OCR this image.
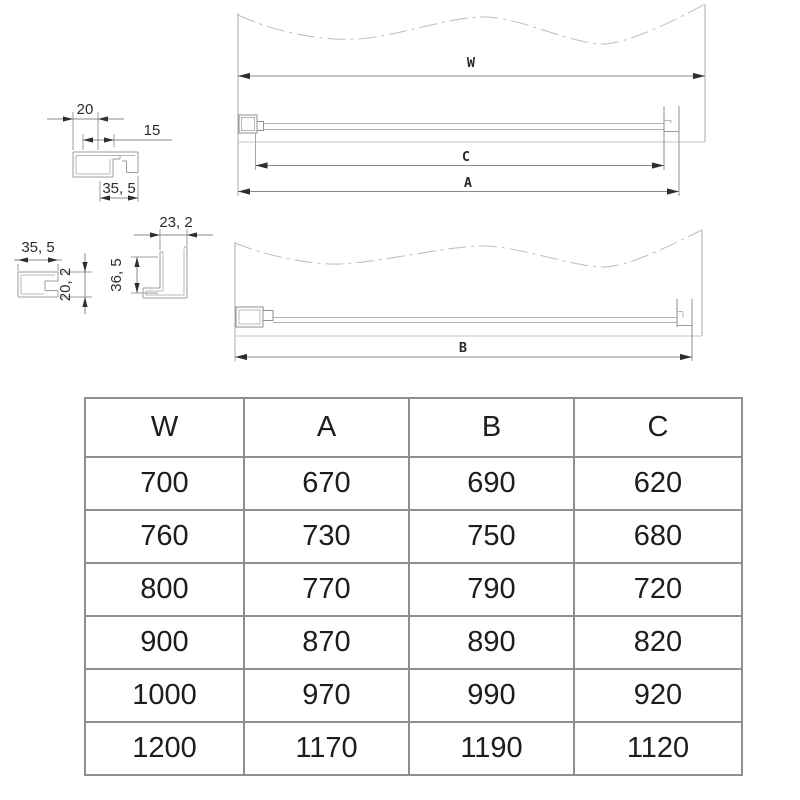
20
15
35, 5
35, 5
20, 2
23, 2
36, 5
W
C
A
B
W	A	B	C
700	670	690	620
760	730	750	680
800	770	790	720
900	870	890	820
1000	970	990	920
1200	1170	1190	1120
